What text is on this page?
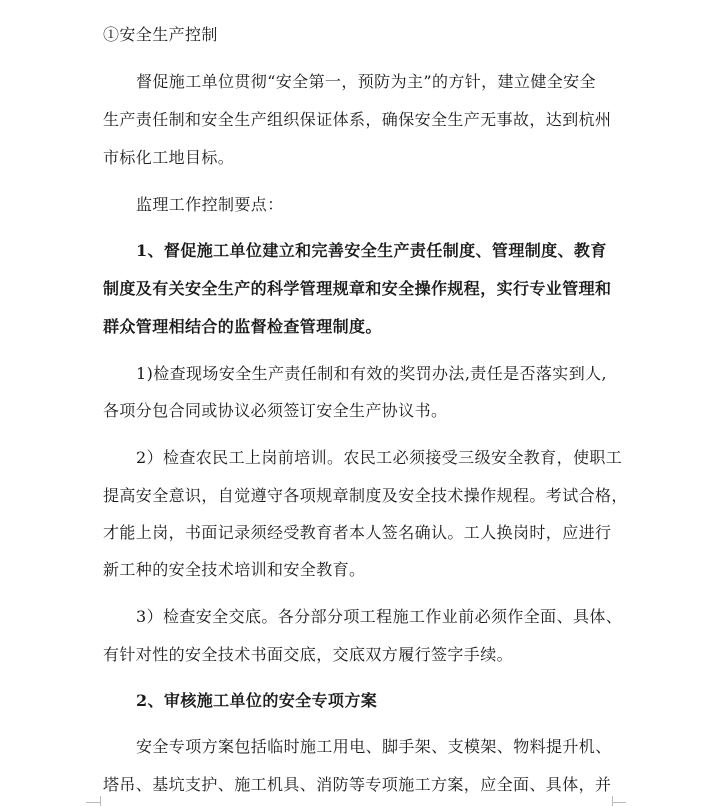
①安全生产控制
督促施工单位贯彻“安全第一，预防为主”的方针，建立健全安全
生产责任制和安全生产组织保证体系，确保安全生产无事故，达到杭州
市标化工地目标。
监理工作控制要点：
1、督促施工单位建立和完善安全生产责任制度、管理制度、教育
制度及有关安全生产的科学管理规章和安全操作规程，实行专业管理和
群众管理相结合的监督检查管理制度。
1)检查现场安全生产责任制和有效的奖罚办法,责任是否落实到人,
各项分包合同或协议必须签订安全生产协议书。
2）检查农民工上岗前培训。农民工必须接受三级安全教育，使职工
提高安全意识，自觉遵守各项规章制度及安全技术操作规程。考试合格，
才能上岗，书面记录须经受教育者本人签名确认。工人换岗时，应进行
新工种的安全技术培训和安全教育。
3）检查安全交底。各分部分项工程施工作业前必须作全面、具体、
有针对性的安全技术书面交底，交底双方履行签字手续。
2、审核施工单位的安全专项方案
安全专项方案包括临时施工用电、脚手架、支模架、物料提升机、
塔吊、基坑支护、施工机具、消防等专项施工方案，应全面、具体，并
